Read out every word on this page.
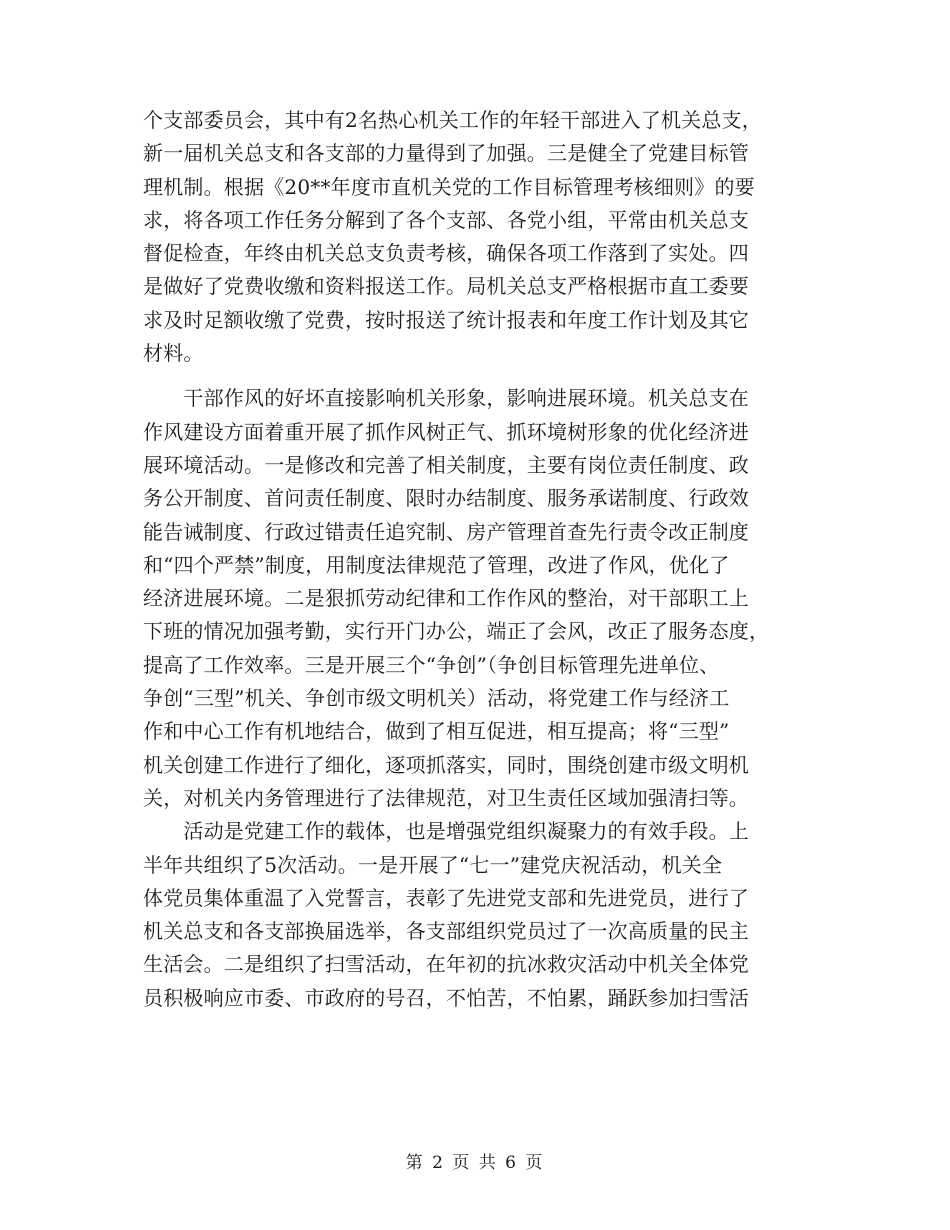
个支部委员会，其中有2名热心机关工作的年轻干部进入了机关总支，
新一届机关总支和各支部的力量得到了加强。三是健全了党建目标管
理机制。根据《20**年度市直机关党的工作目标管理考核细则》的要
求，将各项工作任务分解到了各个支部、各党小组，平常由机关总支
督促检查，年终由机关总支负责考核，确保各项工作落到了实处。四
是做好了党费收缴和资料报送工作。局机关总支严格根据市直工委要
求及时足额收缴了党费，按时报送了统计报表和年度工作计划及其它
材料。
　　干部作风的好坏直接影响机关形象，影响进展环境。机关总支在
作风建设方面着重开展了抓作风树正气、抓环境树形象的优化经济进
展环境活动。一是修改和完善了相关制度，主要有岗位责任制度、政
务公开制度、首问责任制度、限时办结制度、服务承诺制度、行政效
能告诫制度、行政过错责任追究制、房产管理首查先行责令改正制度
和“四个严禁”制度，用制度法律规范了管理，改进了作风，优化了
经济进展环境。二是狠抓劳动纪律和工作作风的整治，对干部职工上
下班的情况加强考勤，实行开门办公，端正了会风，改正了服务态度，
提高了工作效率。三是开展三个“争创”（争创目标管理先进单位、
争创“三型”机关、争创市级文明机关）活动，将党建工作与经济工
作和中心工作有机地结合，做到了相互促进，相互提高；将“三型”
机关创建工作进行了细化，逐项抓落实，同时，围绕创建市级文明机
关，对机关内务管理进行了法律规范，对卫生责任区域加强清扫等。
　　活动是党建工作的载体，也是增强党组织凝聚力的有效手段。上
半年共组织了5次活动。一是开展了“七一”建党庆祝活动，机关全
体党员集体重温了入党誓言，表彰了先进党支部和先进党员，进行了
机关总支和各支部换届选举，各支部组织党员过了一次高质量的民主
生活会。二是组织了扫雪活动，在年初的抗冰救灾活动中机关全体党
员积极响应市委、市政府的号召，不怕苦，不怕累，踊跃参加扫雪活
第 2 页 共 6 页
